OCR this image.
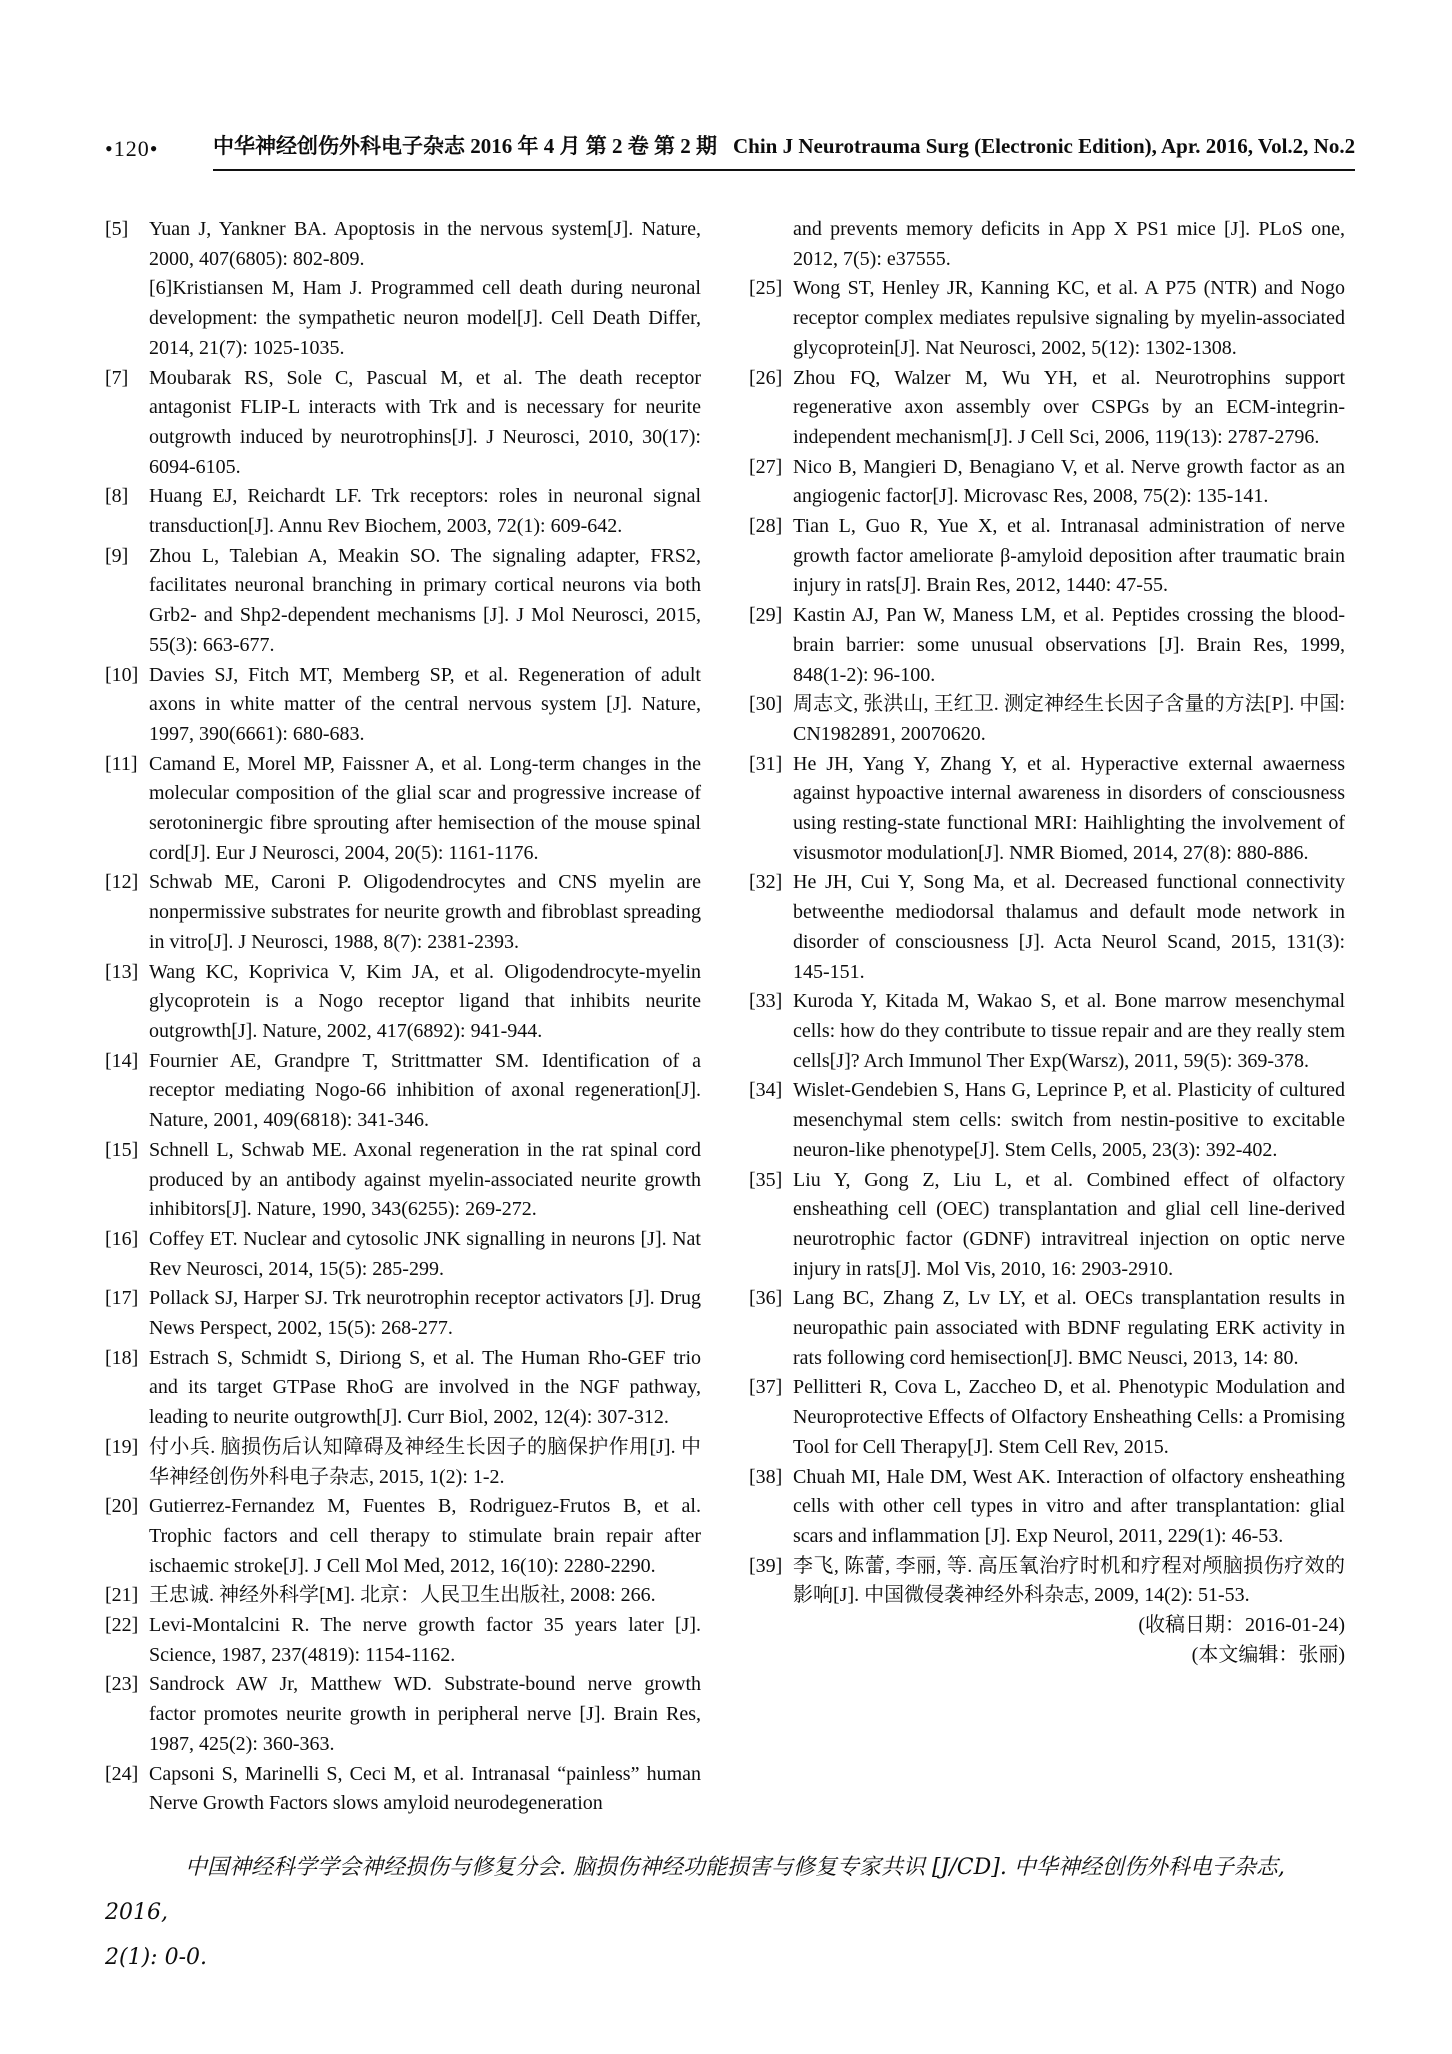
•120•	中华神经创伤外科电子杂志 2016 年 4 月 第 2 卷 第 2 期 Chin J Neurotrauma Surg (Electronic Edition), Apr. 2016, Vol.2, No.2
[5]	Yuan J, Yankner BA. Apoptosis in the nervous system[J]. Nature, 2000, 407(6805): 802-809.

[6]Kristiansen M, Ham J. Programmed cell death during neuronal development: the sympathetic neuron model[J]. Cell Death Differ, 2014, 21(7): 1025-1035.

[7]	Moubarak RS, Sole C, Pascual M, et al. The death receptor antagonist FLIP-L interacts with Trk and is necessary for neurite outgrowth induced by neurotrophins[J]. J Neurosci, 2010, 30(17): 6094-6105.

[8]	Huang EJ, Reichardt LF. Trk receptors: roles in neuronal signal transduction[J]. Annu Rev Biochem, 2003, 72(1): 609-642.

[9]	Zhou L, Talebian A, Meakin SO. The signaling adapter, FRS2, facilitates neuronal branching in primary cortical neurons via both Grb2- and Shp2-dependent mechanisms [J]. J Mol Neurosci, 2015, 55(3): 663-677.

[10] Davies SJ, Fitch MT, Memberg SP, et al. Regeneration of adult axons in white matter of the central nervous system [J]. Nature, 1997, 390(6661): 680-683.

[11] Camand E, Morel MP, Faissner A, et al. Long-term changes in the molecular composition of the glial scar and progressive increase of serotoninergic fibre sprouting after hemisection of the mouse spinal cord[J]. Eur J Neurosci, 2004, 20(5): 1161-1176.

[12] Schwab ME, Caroni P. Oligodendrocytes and CNS myelin are nonpermissive substrates for neurite growth and fibroblast spreading in vitro[J]. J Neurosci, 1988, 8(7): 2381-2393.

[13] Wang KC, Koprivica V, Kim JA, et al. Oligodendrocyte-myelin glycoprotein is a Nogo receptor ligand that inhibits neurite outgrowth[J]. Nature, 2002, 417(6892): 941-944.

[14] Fournier AE, Grandpre T, Strittmatter SM. Identification of a receptor mediating Nogo-66 inhibition of axonal regeneration[J]. Nature, 2001, 409(6818): 341-346.

[15] Schnell L, Schwab ME. Axonal regeneration in the rat spinal cord produced by an antibody against myelin-associated neurite growth inhibitors[J]. Nature, 1990, 343(6255): 269-272.

[16] Coffey ET. Nuclear and cytosolic JNK signalling in neurons [J]. Nat Rev Neurosci, 2014, 15(5): 285-299.

[17] Pollack SJ, Harper SJ. Trk neurotrophin receptor activators [J]. Drug News Perspect, 2002, 15(5): 268-277.

[18] Estrach S, Schmidt S, Diriong S, et al. The Human Rho-GEF trio and its target GTPase RhoG are involved in the NGF pathway, leading to neurite outgrowth[J]. Curr Biol, 2002, 12(4): 307-312.

[19] 付小兵. 脑损伤后认知障碍及神经生长因子的脑保护作用[J]. 中华神经创伤外科电子杂志, 2015, 1(2): 1-2.

[20] Gutierrez-Fernandez M, Fuentes B, Rodriguez-Frutos B, et al. Trophic factors and cell therapy to stimulate brain repair after ischaemic stroke[J]. J Cell Mol Med, 2012, 16(10): 2280-2290.

[21] 王忠诚. 神经外科学[M]. 北京：人民卫生出版社, 2008: 266.

[22] Levi-Montalcini R. The nerve growth factor 35 years later [J]. Science, 1987, 237(4819): 1154-1162.

[23] Sandrock AW Jr, Matthew WD. Substrate-bound nerve growth factor promotes neurite growth in peripheral nerve [J]. Brain Res, 1987, 425(2): 360-363.

[24] Capsoni S, Marinelli S, Ceci M, et al. Intranasal “painless” human Nerve Growth Factors slows amyloid neurodegeneration

and prevents memory deficits in App X PS1 mice [J]. PLoS one, 2012, 7(5): e37555.

[25] Wong ST, Henley JR, Kanning KC, et al. A P75 (NTR) and Nogo receptor complex mediates repulsive signaling by myelin-associated glycoprotein[J]. Nat Neurosci, 2002, 5(12): 1302-1308.

[26] Zhou FQ, Walzer M, Wu YH, et al. Neurotrophins support regenerative axon assembly over CSPGs by an ECM-integrin-independent mechanism[J]. J Cell Sci, 2006, 119(13): 2787-2796.

[27] Nico B, Mangieri D, Benagiano V, et al. Nerve growth factor as an angiogenic factor[J]. Microvasc Res, 2008, 75(2): 135-141.

[28] Tian L, Guo R, Yue X, et al. Intranasal administration of nerve growth factor ameliorate β-amyloid deposition after traumatic brain injury in rats[J]. Brain Res, 2012, 1440: 47-55.

[29] Kastin AJ, Pan W, Maness LM, et al. Peptides crossing the blood-brain barrier: some unusual observations [J]. Brain Res, 1999, 848(1-2): 96-100.

[30] 周志文, 张洪山, 王红卫. 测定神经生长因子含量的方法[P]. 中国: CN1982891, 20070620.

[31] He JH, Yang Y, Zhang Y, et al. Hyperactive external awaerness against hypoactive internal awareness in disorders of consciousness using resting-state functional MRI: Haihlighting the involvement of visusmotor modulation[J]. NMR Biomed, 2014, 27(8): 880-886.

[32] He JH, Cui Y, Song Ma, et al. Decreased functional connectivity betweenthe mediodorsal thalamus and default mode network in disorder of consciousness [J]. Acta Neurol Scand, 2015, 131(3): 145-151.

[33] Kuroda Y, Kitada M, Wakao S, et al. Bone marrow mesenchymal cells: how do they contribute to tissue repair and are they really stem cells[J]? Arch Immunol Ther Exp(Warsz), 2011, 59(5): 369-378.

[34] Wislet-Gendebien S, Hans G, Leprince P, et al. Plasticity of cultured mesenchymal stem cells: switch from nestin-positive to excitable neuron-like phenotype[J]. Stem Cells, 2005, 23(3): 392-402.

[35] Liu Y, Gong Z, Liu L, et al. Combined effect of olfactory ensheathing cell (OEC) transplantation and glial cell line-derived neurotrophic factor (GDNF) intravitreal injection on optic nerve injury in rats[J]. Mol Vis, 2010, 16: 2903-2910.

[36] Lang BC, Zhang Z, Lv LY, et al. OECs transplantation results in neuropathic pain associated with BDNF regulating ERK activity in rats following cord hemisection[J]. BMC Neusci, 2013, 14: 80.

[37] Pellitteri R, Cova L, Zaccheo D, et al. Phenotypic Modulation and Neuroprotective Effects of Olfactory Ensheathing Cells: a Promising Tool for Cell Therapy[J]. Stem Cell Rev, 2015.

[38] Chuah MI, Hale DM, West AK. Interaction of olfactory ensheathing cells with other cell types in vitro and after transplantation: glial scars and inflammation [J]. Exp Neurol, 2011, 229(1): 46-53.

[39] 李飞, 陈蕾, 李丽, 等. 高压氧治疗时机和疗程对颅脑损伤疗效的影响[J]. 中国微侵袭神经外科杂志, 2009, 14(2): 51-53.

(收稿日期：2016-01-24)

(本文编辑：张丽)

中国神经科学学会神经损伤与修复分会. 脑损伤神经功能损害与修复专家共识 [J/CD]. 中华神经创伤外科电子杂志, 2016,
2(1): 0-0.
